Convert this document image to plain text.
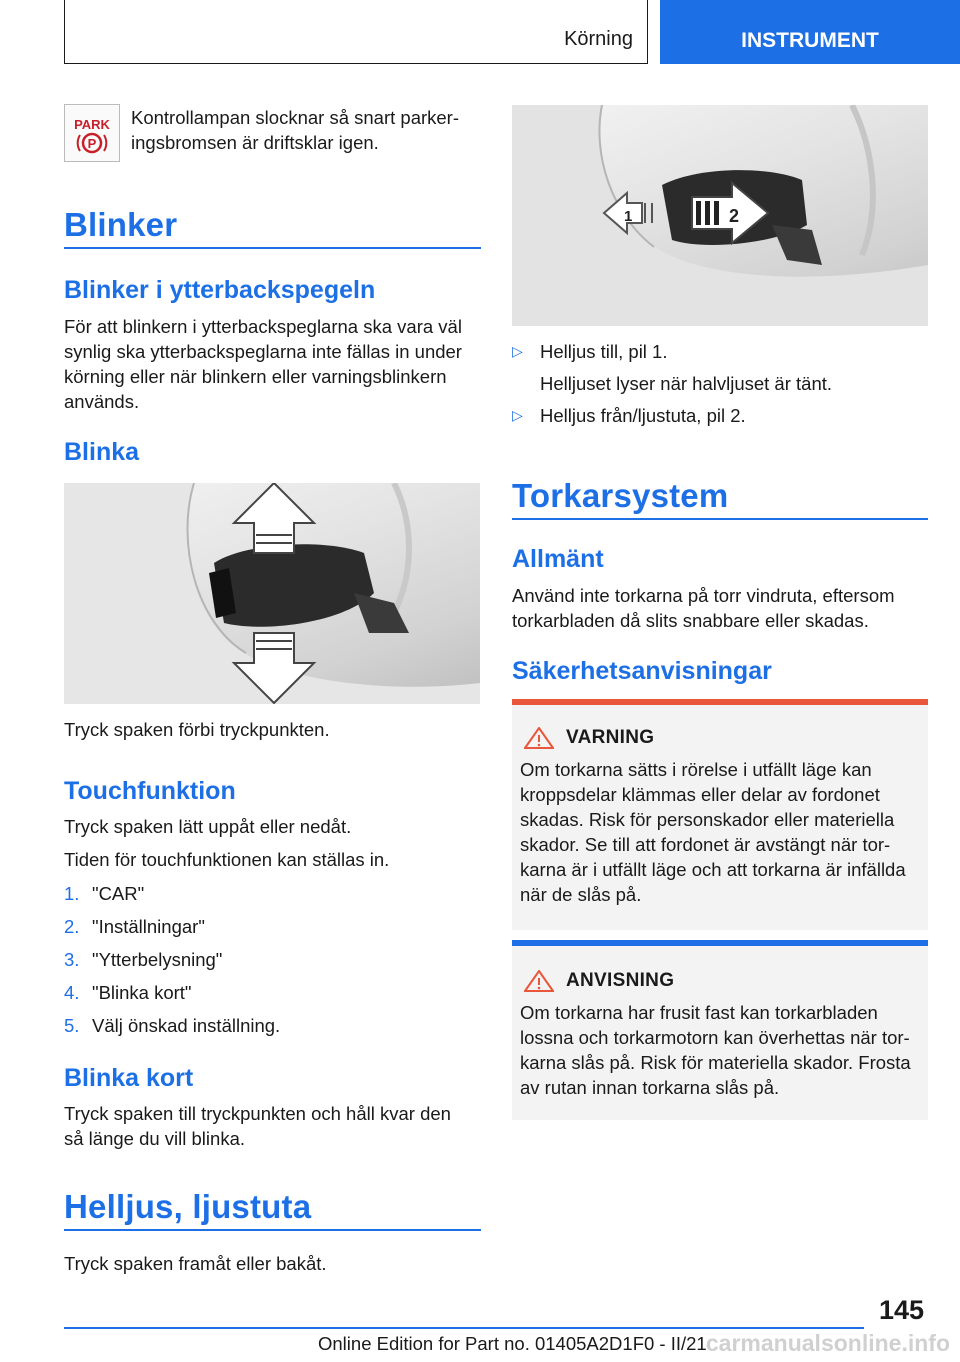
Körning	INSTRUMENT
PARK
P
Kontrollampan slocknar så snart parker-
ingsbromsen är driftsklar igen.
Blinker
Blinker i ytterbackspegeln
För att blinkern i ytterbackspeglarna ska vara väl synlig ska ytterbackspeglarna inte fällas in under körning eller när blinkern eller varningsblinkern används.
Blinka
Tryck spaken förbi tryckpunkten.
Touchfunktion
Tryck spaken lätt uppåt eller nedåt.
Tiden för touchfunktionen kan ställas in.
1. "CAR"
2. "Inställningar"
3. "Ytterbelysning"
4. "Blinka kort"
5. Välj önskad inställning.
Blinka kort
Tryck spaken till tryckpunkten och håll kvar den så länge du vill blinka.
Helljus, ljustuta
Tryck spaken framåt eller bakåt.
1	2
▷ Helljus till, pil 1.
Helljuset lyser när halvljuset är tänt.
▷ Helljus från/ljustuta, pil 2.
Torkarsystem
Allmänt
Använd inte torkarna på torr vindruta, eftersom torkarbladen då slits snabbare eller skadas.
Säkerhetsanvisningar
VARNING
Om torkarna sätts i rörelse i utfällt läge kan kroppsdelar klämmas eller delar av fordonet skadas. Risk för personskador eller materiella skador. Se till att fordonet är avstängt när tor-karna är i utfällt läge och att torkarna är infällda när de slås på.
ANVISNING
Om torkarna har frusit fast kan torkarbladen lossna och torkarmotorn kan överhettas när tor-karna slås på. Risk för materiella skador. Frosta av rutan innan torkarna slås på.
145
Online Edition for Part no. 01405A2D1F0 - II/21 carmanualsonline.info
